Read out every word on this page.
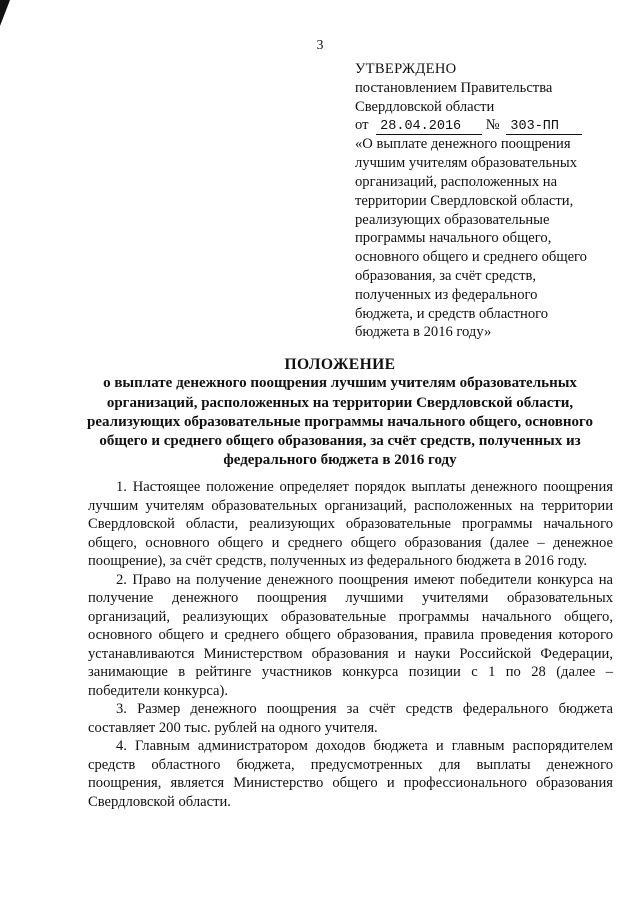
3
УТВЕРЖДЕНО
постановлением Правительства
Свердловской области
от 28.04.2016 № 303-ПП
«О выплате денежного поощрения
лучшим учителям образовательных
организаций, расположенных на
территории Свердловской области,
реализующих образовательные
программы начального общего,
основного общего и среднего общего
образования, за счёт средств,
полученных из федерального
бюджета, и средств областного
бюджета в 2016 году»
ПОЛОЖЕНИЕ
о выплате денежного поощрения лучшим учителям образовательных
организаций, расположенных на территории Свердловской области,
реализующих образовательные программы начального общего, основного
общего и среднего общего образования, за счёт средств, полученных из
федерального бюджета в 2016 году

1. Настоящее положение определяет порядок выплаты денежного поощрения лучшим учителям образовательных организаций, расположенных на территории Свердловской области, реализующих образовательные программы начального общего, основного общего и среднего общего образования (далее – денежное поощрение), за счёт средств, полученных из федерального бюджета в 2016 году.

2. Право на получение денежного поощрения имеют победители конкурса на получение денежного поощрения лучшими учителями образовательных организаций, реализующих образовательные программы начального общего, основного общего и среднего общего образования, правила проведения которого устанавливаются Министерством образования и науки Российской Федерации, занимающие в рейтинге участников конкурса позиции с 1 по 28 (далее – победители конкурса).

3. Размер денежного поощрения за счёт средств федерального бюджета составляет 200 тыс. рублей на одного учителя.

4. Главным администратором доходов бюджета и главным распорядителем средств областного бюджета, предусмотренных для выплаты денежного поощрения, является Министерство общего и профессионального образования Свердловской области.
